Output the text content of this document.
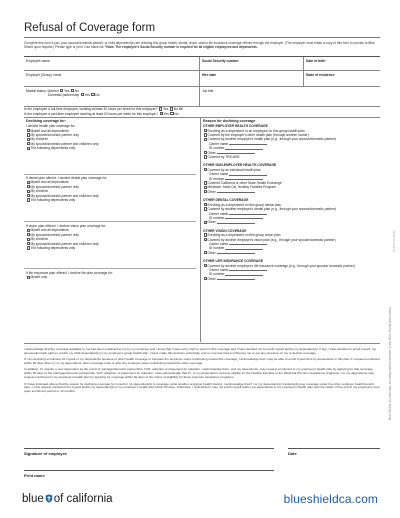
Refusal of Coverage form
Complete this form if you, your spouse/domestic partner, or child dependent(s) are refusing this group health, dental, vision, and/or life insurance coverage offered through the employer. (The employer must retain a copy of this form to provide to Blue Shield upon request.) Please type or print. Use black ink. *Note: The employee's Social Security number is required for all eligible employees and dependents.
Employee name	Social Security number	Date of birth
Employer (Group) name	Hire date	State of residence
Marital status: Married Yes No
Domestic partnership Yes No
Job title
Is the employee a full-time employee, working at least 30 hours per week for this employer? Yes No Or
Is the employee a part-time employee working at least 20 hours per week for this employer? Yes No
Declining coverage for:
I decline health plan coverage for:
Myself and all dependents
My spouse/domestic partner only
My child/ren
My spouse/domestic partner and child/ren only
The following dependents only
If dental plan offered, I decline dental plan coverage for:
Myself and all dependents
My spouse/domestic partner only
My child/ren
My spouse/domestic partner and child/ren only
The following dependents only
If vision plan offered, I decline vision plan coverage for:
Myself and all dependents
My spouse/domestic partner only
My child/ren
My spouse/domestic partner and child/ren only
The following dependents only
If life insurance plan offered, I decline life plan coverage for:
Myself only
Reason for declining coverage
OTHER EMPLOYER HEALTH COVERAGE
Enrolling as a dependent or an employee on this group health plan
Covered by the employer's other health plan (through another carrier)
Covered by another employer's health plan (e.g., through your spouse/domestic partner)
Carrier name
ID number
Other
Covered by TRICARE
OTHER NON-EMPLOYER HEALTH COVERAGE
Covered by an individual health plan
Carrier name
ID number
Covered California or other State Health Exchange
Medicare, Medi-Cal, Healthy Families Program
Other
OTHER DENTAL COVERAGE
Enrolling as a dependent on this group dental plan
Covered by another employer's dental plan (e.g., through your spouse/domestic partner)
Carrier name
ID number
Other
OTHER VISION COVERAGE
Enrolling as a dependent on this group vision plan
Covered by another employer's vision plan (e.g., through your spouse/domestic partner)
Carrier name
ID number
Other
OTHER LIFE INSURANCE COVERAGE
Covered by another employer's life insurance coverage (e.g., through your spouse/ domestic partner)
Carrier name
ID number
Other

I acknowledge that the coverage available to me has been explained to me by my employer and I know that I have every right to enroll in this coverage and I have decided not to enroll myself and/or my dependent(s). If any, I have decided to enroll myself, my spouse/domestic partner, and/or my child dependent(s) in my employer's group health plan, I have made this decision voluntarily, and no one has tried to influence me or put any pressure on me to decline coverage.

If I am declining enrollment for myself or my dependents because of other health coverage or because the employer stops contributing toward this coverage, I acknowledge that I may be able to enroll myself and my dependents in this plan if I request enrollment within 60 days after my or my dependents' other coverage ends or after the employer stops contributing toward the other coverage.

In addition, if I acquire a new dependent as the result of marriage/domestic partnership, birth, adoption or placement for adoption, I acknowledge that I, and my dependents, may request enrollment in my employer's health plan by applying for that coverage within 60 days of the marriage/domestic partnership, birth, adoption, or placement for adoption. I also acknowledge that if I, or my dependents, become eligible for the Healthy Families or the Medi-Cal Premium Assistance programs, I or my dependents may request enrollment in my employer's health plan by applying for coverage within 60 days of the notice of eligibility for these premium assistance programs.

If I have indicated above that the reason for declining coverage for myself or my dependent(s) is coverage under another employer health plan(s), I acknowledge that if I or my dependent(s) involuntarily lose coverage under the other employer health benefit plan, I must request enrollment for myself and/or my dependent(s) in my employer's health plan within 60 days. Otherwise, I understand I may not enroll myself and/or my dependents in my employer's health plan until the earlier of the end of my employer's next open enrollment period or 12 months.

Signature of employee	Date
Print name
Blue Shield of California, an independent member of the Blue Shield Association
C17677-W (9/16)
blue of california	blueshieldca.com
